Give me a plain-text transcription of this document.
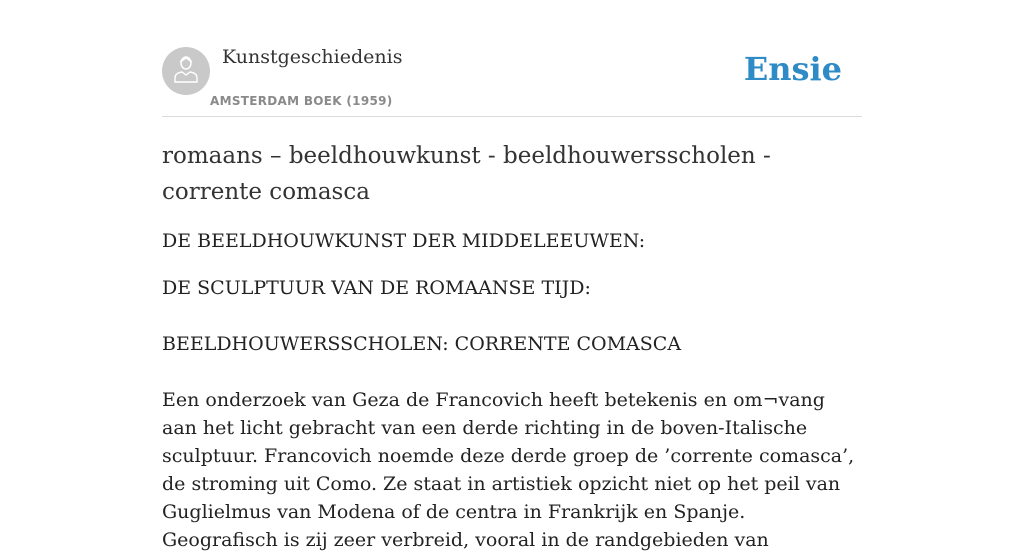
Kunstgeschiedenis
AMSTERDAM BOEK (1959)
Ensie
romaans – beeldhouwkunst - beeldhouwersscholen - corrente comasca

DE BEELDHOUWKUNST DER MIDDELEEUWEN:

DE SCULPTUUR VAN DE ROMAANSE TIJD:

BEELDHOUWERSSCHOLEN: CORRENTE COMASCA

Een onderzoek van Geza de Francovich heeft betekenis en om¬vang aan het licht gebracht van een derde richting in de boven-Italische sculptuur. Francovich noemde deze derde groep de ’corrente comasca’, de stroming uit Como. Ze staat in artistiek opzicht niet op het peil van Guglielmus van Modena of de centra in Frankrijk en Spanje. Geografisch is zij zeer verbreid, vooral in de randgebieden van
